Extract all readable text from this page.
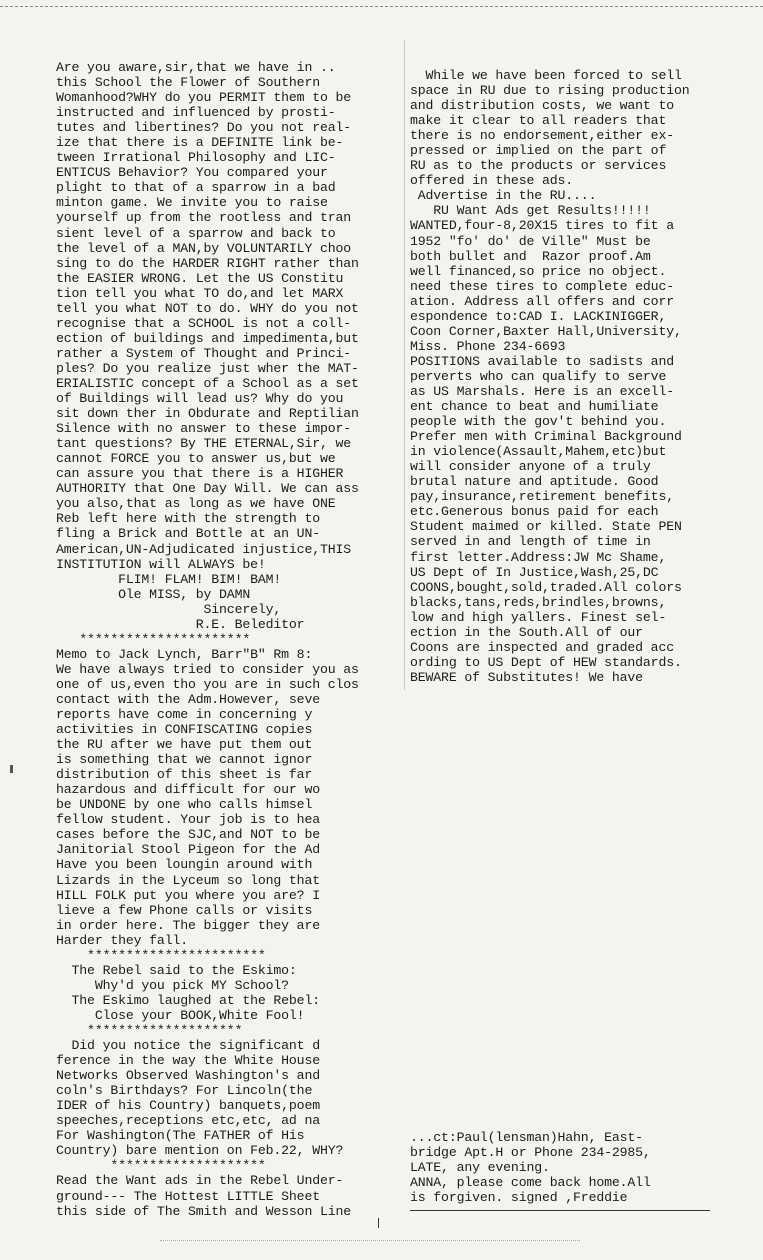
Are you aware,sir,that we have in ..
this School the Flower of Southern
Womanhood?WHY do you PERMIT them to be
instructed and influenced by prosti-
tutes and libertines? Do you not real-
ize that there is a DEFINITE link be-
tween Irrational Philosophy and LIC-
ENTICUS Behavior? You compared your
plight to that of a sparrow in a bad
minton game. We invite you to raise
yourself up from the rootless and tran
sient level of a sparrow and back to
the level of a MAN,by VOLUNTARILY choo
sing to do the HARDER RIGHT rather than
the EASIER WRONG. Let the US Constitu
tion tell you what TO do,and let MARX
tell you what NOT to do. WHY do you not
recognise that a SCHOOL is not a coll-
ection of buildings and impedimenta,but
rather a System of Thought and Princi-
ples? Do you realize just wher the MAT-
ERIALISTIC concept of a School as a set
of Buildings will lead us? Why do you
sit down ther in Obdurate and Reptilian
Silence with no answer to these impor-
tant questions? By THE ETERNAL,Sir, we
cannot FORCE you to answer us,but we
can assure you that there is a HIGHER
AUTHORITY that One Day Will. We can ass
you also,that as long as we have ONE
Reb left here with the strength to
fling a Brick and Bottle at an UN-
American,UN-Adjudicated injustice,THIS
INSTITUTION will ALWAYS be!
FLIM! FLAM! BIM! BAM!
Ole MISS, by DAMN
Sincerely,
R.E. Beleditor
**********************
Memo to Jack Lynch, Barr"B" Rm 8:
We have always tried to consider you as
one of us,even tho you are in such clos
contact with the Adm.However, seve
reports have come in concerning y
activities in CONFISCATING copies
the RU after we have put them out
is something that we cannot ignor
distribution of this sheet is far
hazardous and difficult for our wo
be UNDONE by one who calls himsel
fellow student. Your job is to hea
cases before the SJC,and NOT to be
Janitorial Stool Pigeon for the Ad
Have you been loungin around with
Lizards in the Lyceum so long that
HILL FOLK put you where you are? I
lieve a few Phone calls or visits
in order here. The bigger they are
Harder they fall.
***********************
The Rebel said to the Eskimo:
Why'd you pick MY School?
The Eskimo laughed at the Rebel:
Close your BOOK,White Fool!
********************
Did you notice the significant d
ference in the way the White House
Networks Observed Washington's and
coln's Birthdays? For Lincoln(the
IDER of his Country) banquets,poem
speeches,receptions etc,etc, ad na
For Washington(The FATHER of His
Country) bare mention on Feb.22, WHY?
********************
Read the Want ads in the Rebel Under-
ground--- The Hottest LITTLE Sheet
this side of The Smith and Wesson Line
While we have been forced to sell
space in RU due to rising production
and distribution costs, we want to
make it clear to all readers that
there is no endorsement,either ex-
pressed or implied on the part of
RU as to the products or services
offered in these ads.
Advertise in the RU....
RU Want Ads get Results!!!!!
WANTED,four-8,20X15 tires to fit a
1952 "fo' do' de Ville" Must be
both bullet and  Razor proof.Am
well financed,so price no object.
need these tires to complete educ-
ation. Address all offers and corr
espondence to:CAD I. LACKINIGGER,
Coon Corner,Baxter Hall,University,
Miss. Phone 234-6693
POSITIONS available to sadists and
perverts who can qualify to serve
as US Marshals. Here is an excell-
ent chance to beat and humiliate
people with the gov't behind you.
Prefer men with Criminal Background
in violence(Assault,Mahem,etc)but
will consider anyone of a truly
brutal nature and aptitude. Good
pay,insurance,retirement benefits,
etc.Generous bonus paid for each
Student maimed or killed. State PEN
served in and length of time in
first letter.Address:JW Mc Shame,
US Dept of In Justice,Wash,25,DC
COONS,bought,sold,traded.All colors
blacks,tans,reds,brindles,browns,
low and high yallers. Finest sel-
ection in the South.All of our
Coons are inspected and graded acc
ording to US Dept of HEW standards.
BEWARE of Substitutes! We have
...ct:Paul(lensman)Hahn, East-
bridge Apt.H or Phone 234-2985,
LATE, any evening.
ANNA, please come back home.All
is forgiven. signed ,Freddie
